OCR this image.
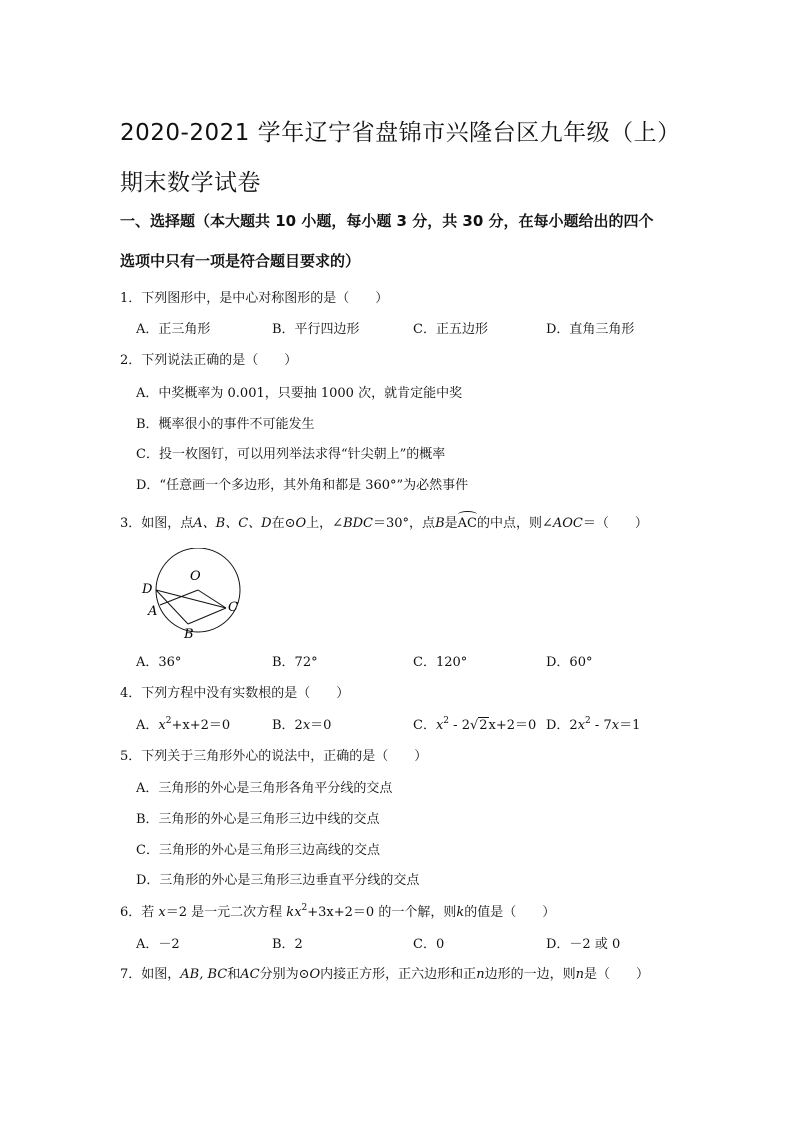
2020-2021 学年辽宁省盘锦市兴隆台区九年级（上）
期末数学试卷
一、选择题（本大题共 10 小题，每小题 3 分，共 30 分，在每小题给出的四个
选项中只有一项是符合题目要求的）
1．下列图形中，是中心对称图形的是（　　）
A．正三角形	B．平行四边形	C．正五边形	D．直角三角形
2．下列说法正确的是（　　）
A．中奖概率为 0.001，只要抽 1000 次，就肯定能中奖
B．概率很小的事件不可能发生
C．投一枚图钉，可以用列举法求得“针尖朝上”的概率
D．“任意画一个多边形，其外角和都是 360°”为必然事件
3．如图，点A、B、C、D在⊙O上，∠BDC＝30°，点B是AC的中点，则∠AOC＝（　　）
D
O
A	C
B
A．36°	B．72°	C．120°	D．60°
4．下列方程中没有实数根的是（　　）
A．$x^2+x+2=0$	B．2x＝0	C．$x^2 - 2√2x+2=0$ D．$2x^2 - 7x=1$
5．下列关于三角形外心的说法中，正确的是（　　）
A．三角形的外心是三角形各角平分线的交点
B．三角形的外心是三角形三边中线的交点
C．三角形的外心是三角形三边高线的交点
D．三角形的外心是三角形三边垂直平分线的交点
6．若 x＝2 是一元二次方程 $kx^2+3x+2=0$ 的一个解，则k的值是（　　）
A．－2	B．2	C．0	D．－2 或 0
7．如图，AB, BC和AC分别为⊙O内接正方形，正六边形和正n边形的一边，则n是（　　）
